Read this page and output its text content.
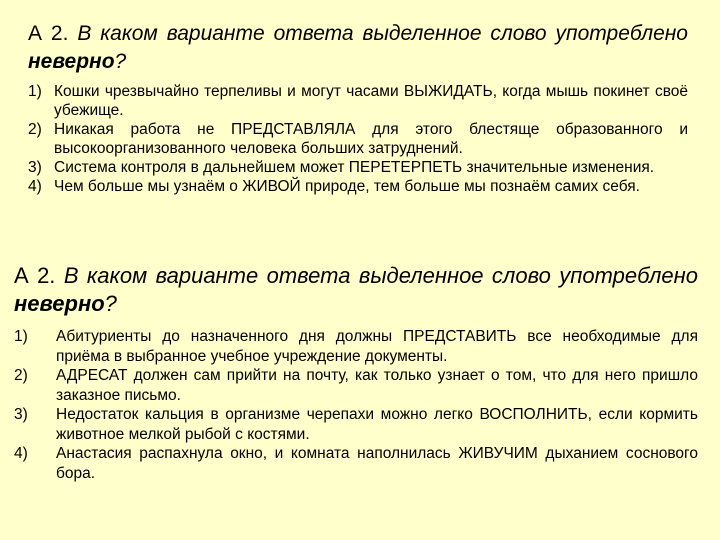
А 2. В каком варианте ответа выделенное слово употреблено неверно?
1) Кошки чрезвычайно терпеливы и могут часами ВЫЖИДАТЬ, когда мышь покинет своё убежище.
2) Никакая работа не ПРЕДСТАВЛЯЛА для этого блестяще образованного и высокоорганизованного человека больших затруднений.
3) Система контроля в дальнейшем может ПЕРЕТЕРПЕТЬ значительные изменения.
4) Чем больше мы узнаём о ЖИВОЙ природе, тем больше мы познаём самих себя.
А 2. В каком варианте ответа выделенное слово употреблено неверно?
1) Абитуриенты до назначенного дня должны ПРЕДСТАВИТЬ все необходимые для приёма в выбранное учебное учреждение документы.
2) АДРЕСАТ должен сам прийти на почту, как только узнает о том, что для него пришло заказное письмо.
3) Недостаток кальция в организме черепахи можно легко ВОСПОЛНИТЬ, если кормить животное мелкой рыбой с костями.
4) Анастасия распахнула окно, и комната наполнилась ЖИВУЧИМ дыханием соснового бора.
